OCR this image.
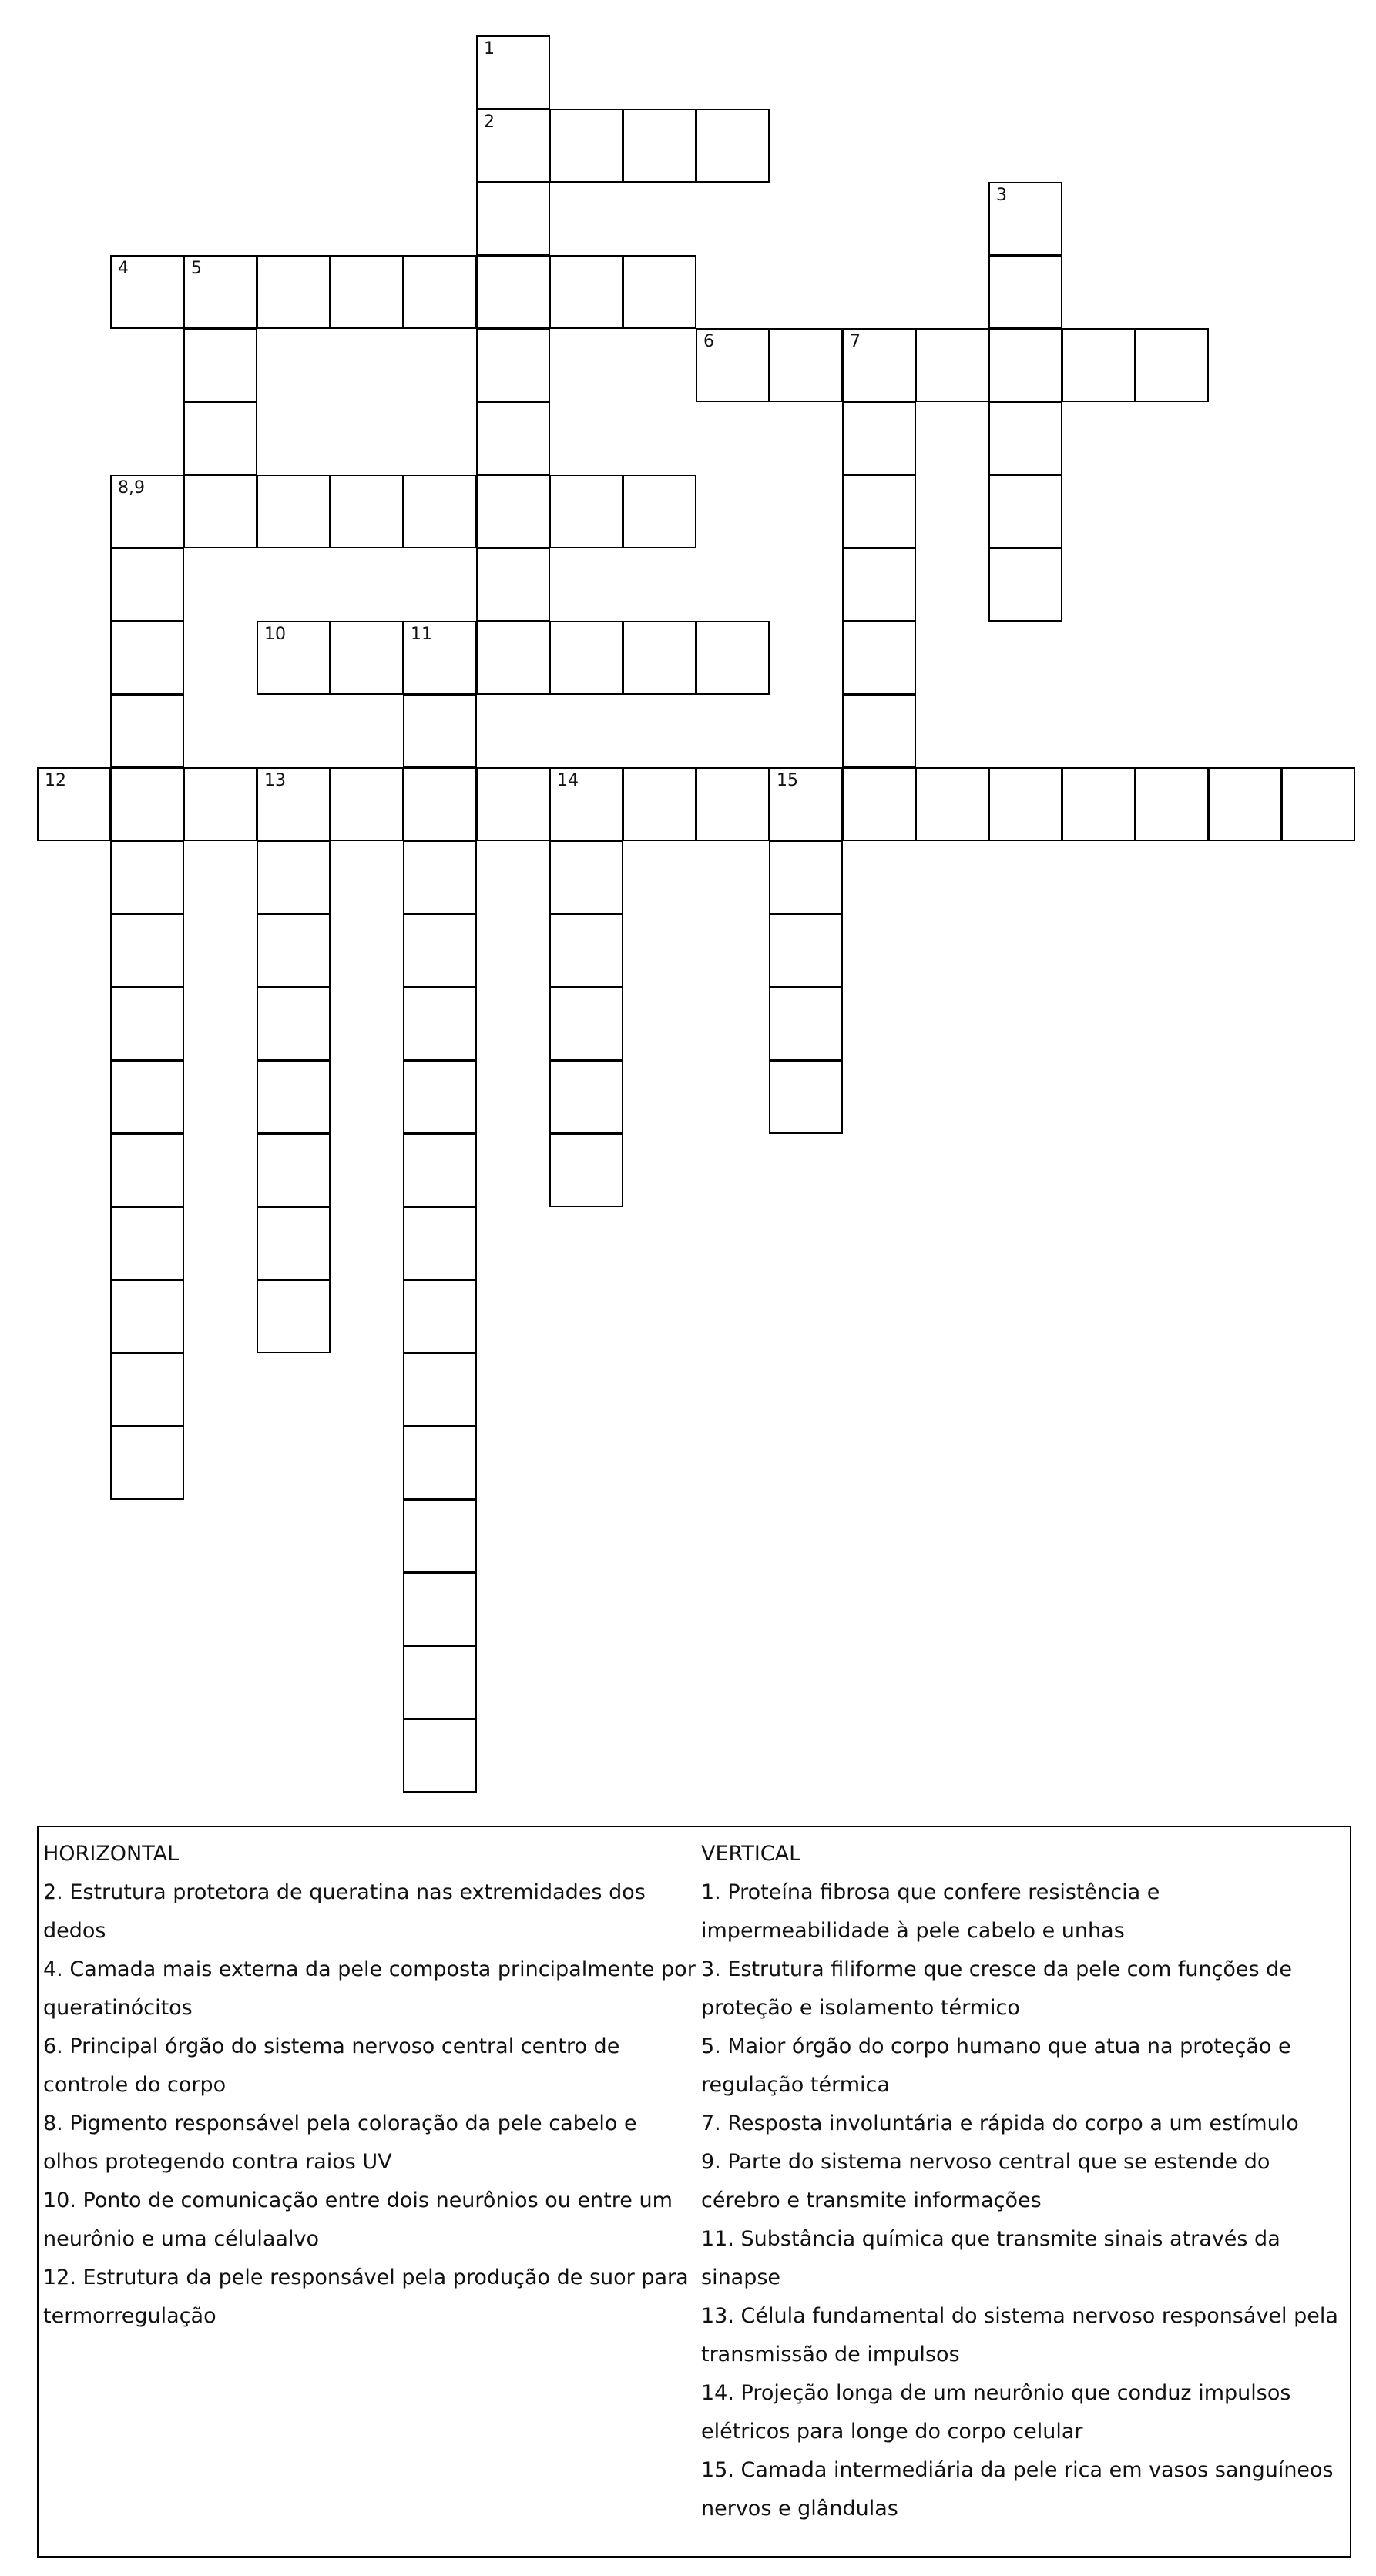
1
2
3
4	5
6	7
8,9
10	11
12	13	14	15
HORIZONTAL
2. Estrutura protetora de queratina nas extremidades dos
dedos
4. Camada mais externa da pele composta principalmente por
queratinócitos
6. Principal órgão do sistema nervoso central centro de
controle do corpo
8. Pigmento responsável pela coloração da pele cabelo e
olhos protegendo contra raios UV
10. Ponto de comunicação entre dois neurônios ou entre um
neurônio e uma célulaalvo
12. Estrutura da pele responsável pela produção de suor para
termorregulação
VERTICAL
1. Proteína fibrosa que confere resistência e
impermeabilidade à pele cabelo e unhas
3. Estrutura filiforme que cresce da pele com funções de
proteção e isolamento térmico
5. Maior órgão do corpo humano que atua na proteção e
regulação térmica
7. Resposta involuntária e rápida do corpo a um estímulo
9. Parte do sistema nervoso central que se estende do
cérebro e transmite informações
11. Substância química que transmite sinais através da
sinapse
13. Célula fundamental do sistema nervoso responsável pela
transmissão de impulsos
14. Projeção longa de um neurônio que conduz impulsos
elétricos para longe do corpo celular
15. Camada intermediária da pele rica em vasos sanguíneos
nervos e glândulas
